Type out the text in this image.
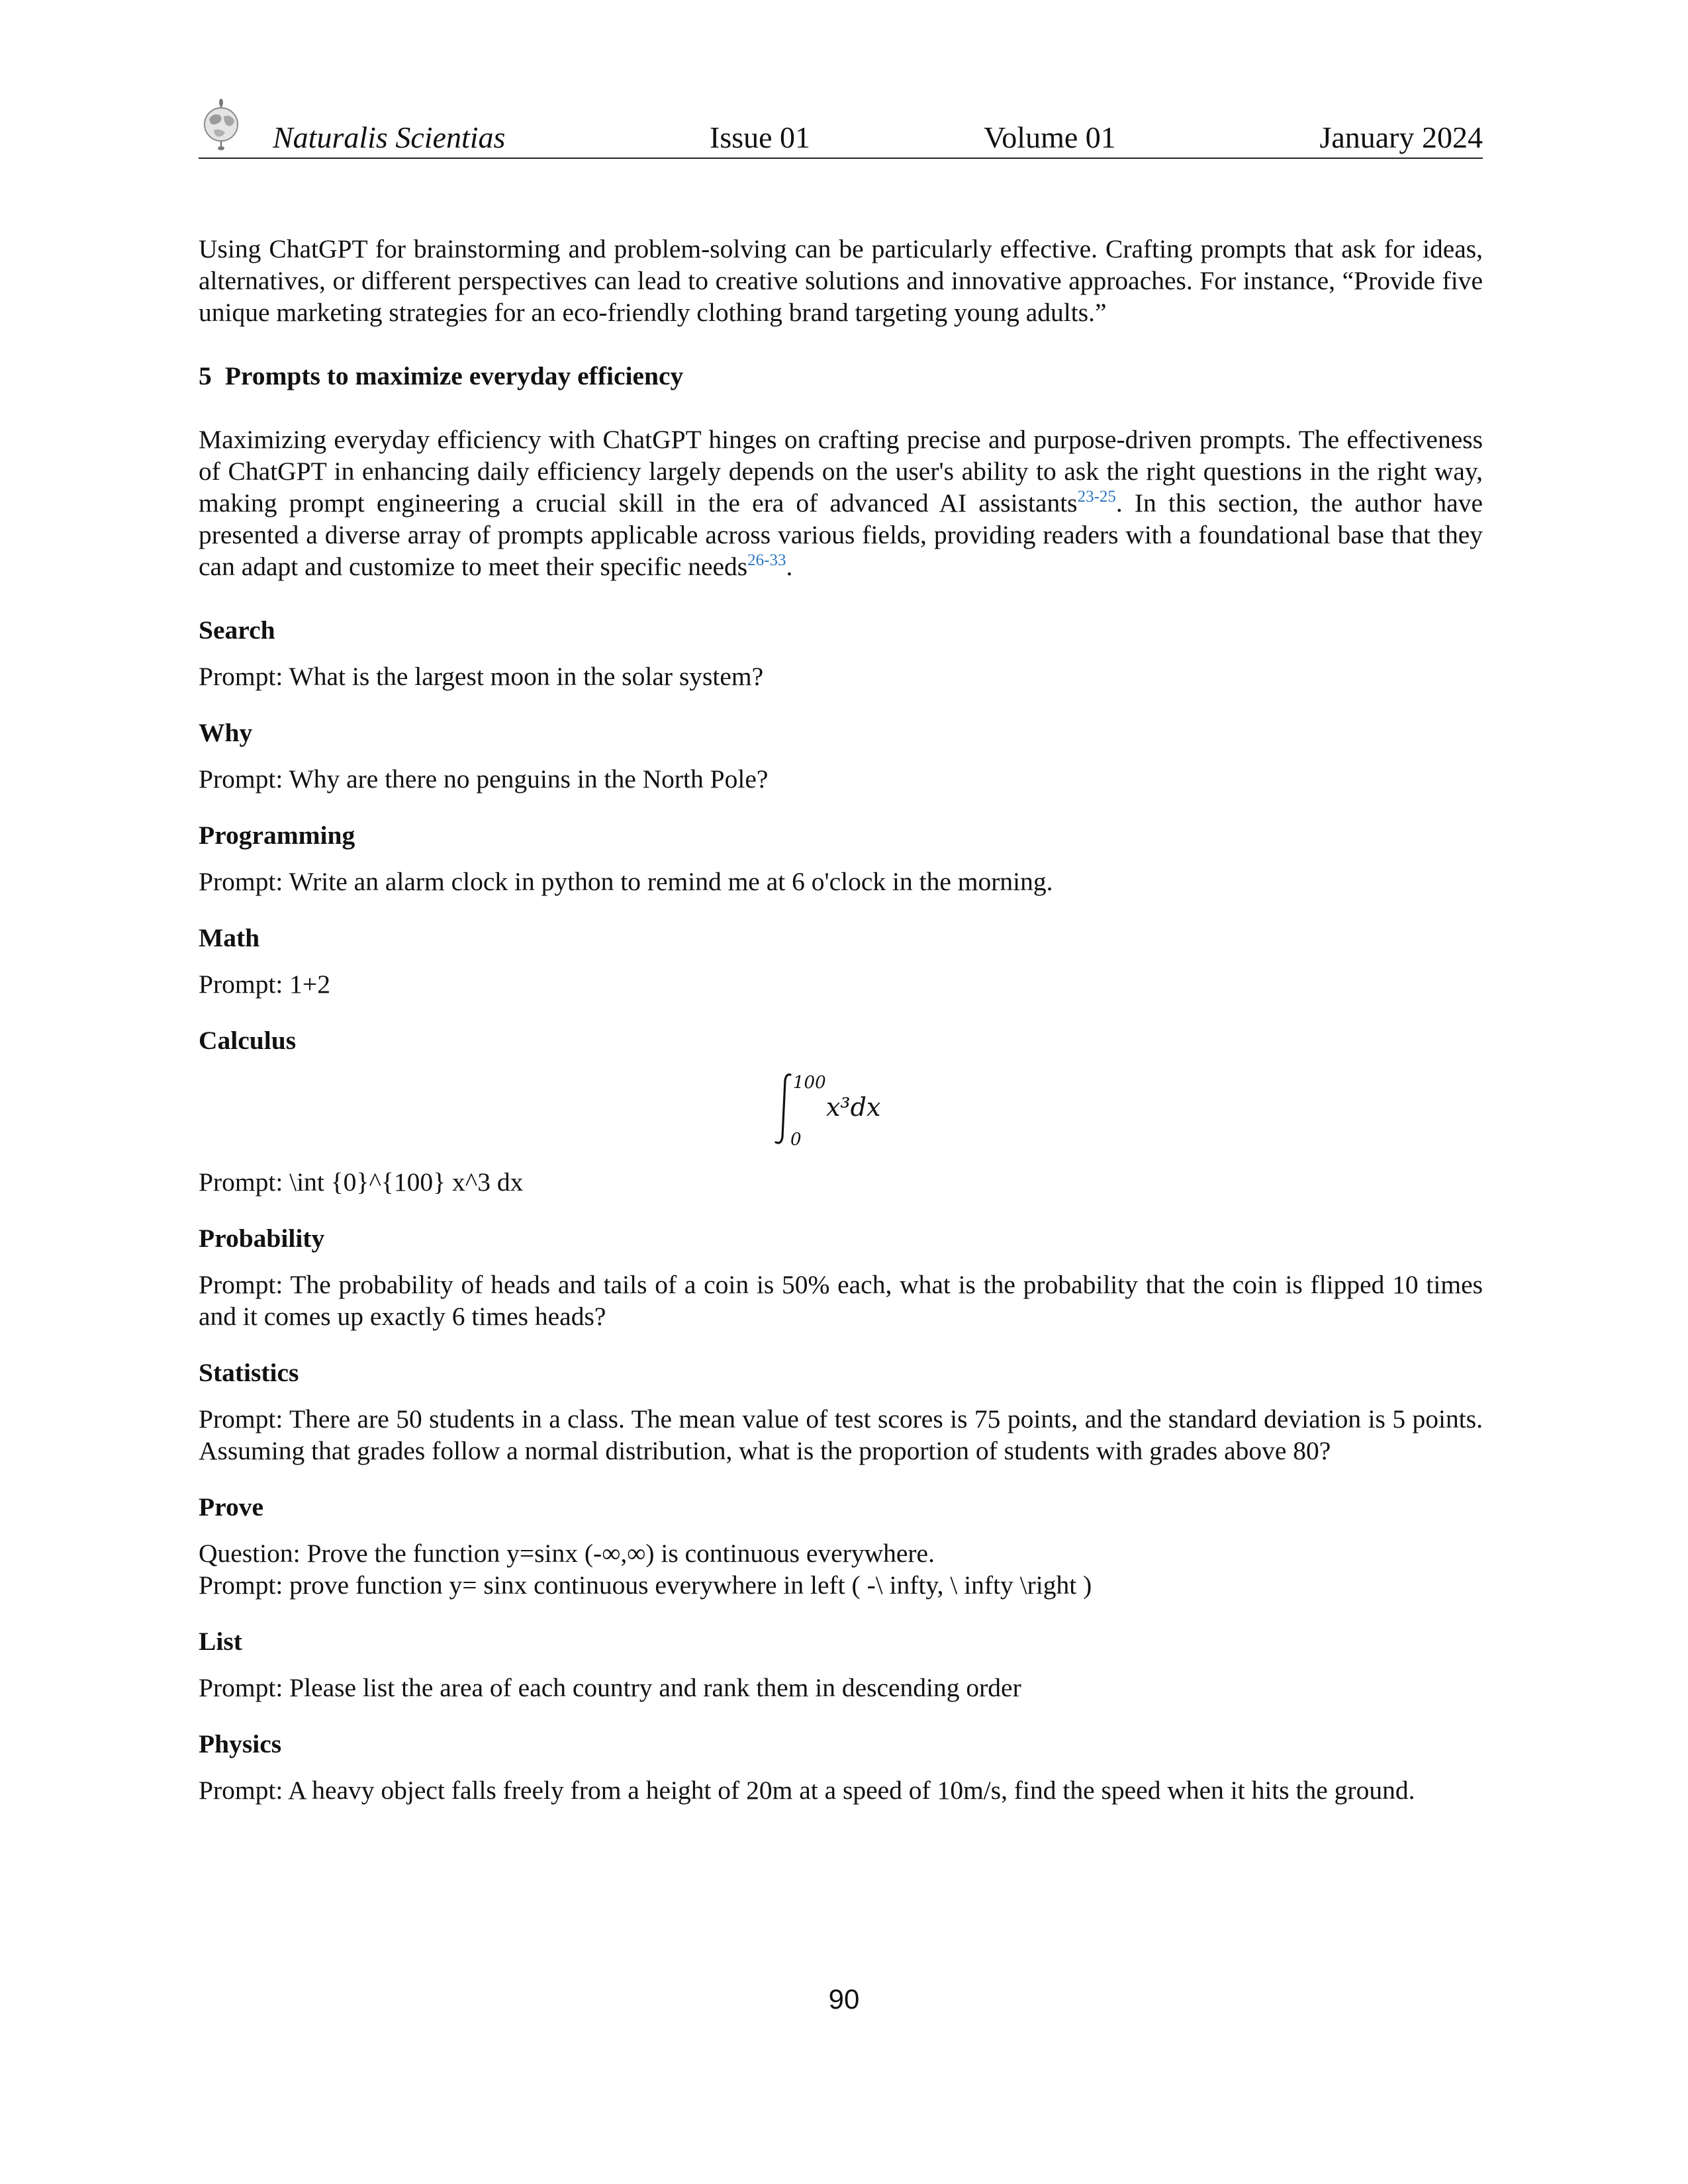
Naturalis Scientias	Issue 01	Volume 01	January 2024

Using ChatGPT for brainstorming and problem-solving can be particularly effective. Crafting prompts that ask for ideas, alternatives, or different perspectives can lead to creative solutions and innovative approaches. For instance, “Provide five unique marketing strategies for an eco-friendly clothing brand targeting young adults.”

5 Prompts to maximize everyday efficiency

Maximizing everyday efficiency with ChatGPT hinges on crafting precise and purpose-driven prompts. The effectiveness of ChatGPT in enhancing daily efficiency largely depends on the user's ability to ask the right questions in the right way, making prompt engineering a crucial skill in the era of advanced AI assistants$^{23-25}$. In this section, the author have presented a diverse array of prompts applicable across various fields, providing readers with a foundational base that they can adapt and customize to meet their specific needs$^{26-33}$.

Search

Prompt: What is the largest moon in the solar system?

Why

Prompt: Why are there no penguins in the North Pole?

Programming

Prompt: Write an alarm clock in python to remind me at 6 o'clock in the morning.

Math

Prompt: 1+2

Calculus

100
0
x³dx

Prompt: \int {0}^{100} x^3 dx

Probability

Prompt: The probability of heads and tails of a coin is 50% each, what is the probability that the coin is flipped 10 times and it comes up exactly 6 times heads?

Statistics

Prompt: There are 50 students in a class. The mean value of test scores is 75 points, and the standard deviation is 5 points. Assuming that grades follow a normal distribution, what is the proportion of students with grades above 80?

Prove

Question: Prove the function y=sin⁡x (-∞,∞) is continuous everywhere.

Prompt: prove function y= sinx continuous everywhere in left ( -\ infty, \ infty \right )

List

Prompt: Please list the area of each country and rank them in descending order

Physics

Prompt: A heavy object falls freely from a height of 20m at a speed of 10m/s, find the speed when it hits the ground.

90
